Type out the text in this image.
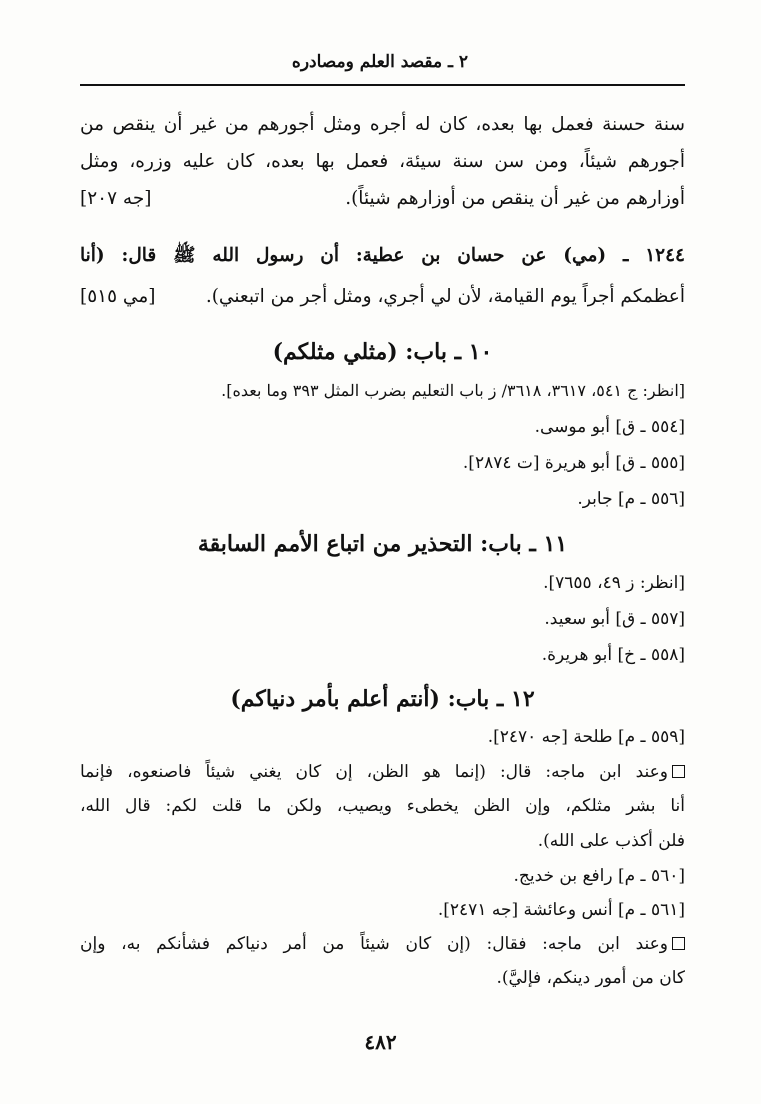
٢ ـ مقصد العلم ومصادره
سنة حسنة فعمل بها بعده، كان له أجره ومثل أجورهم من غير أن ينقص من
أجورهم شيئاً، ومن سن سنة سيئة، فعمل بها بعده، كان عليه وزره، ومثل
أوزارهم من غير أن ينقص من أوزارهم شيئاً).
[جه ٢٠٧]
١٢٤٤ ـ (مي) عن حسان بن عطية: أن رسول الله ﷺ قال: (أنا
أعظمكم أجراً يوم القيامة، لأن لي أجري، ومثل أجر من اتبعني).
[مي ٥١٥]
١٠ ـ باب: (مثلي مثلكم)
[انظر: ج ٥٤١، ٣٦١٧، ٣٦١٨/ ز باب التعليم بضرب المثل ٣٩٣ وما بعده].
[٥٥٤ ـ ق] أبو موسى.
[٥٥٥ ـ ق] أبو هريرة [ت ٢٨٧٤].
[٥٥٦ ـ م] جابر.
١١ ـ باب: التحذير من اتباع الأمم السابقة
[انظر: ز ٤٩، ٧٦٥٥].
[٥٥٧ ـ ق] أبو سعيد.
[٥٥٨ ـ خ] أبو هريرة.
١٢ ـ باب: (أنتم أعلم بأمر دنياكم)
[٥٥٩ ـ م] طلحة [جه ٢٤٧٠].
وعند ابن ماجه: قال: (إنما هو الظن، إن كان يغني شيئاً فاصنعوه، فإنما
أنا بشر مثلكم، وإن الظن يخطىء ويصيب، ولكن ما قلت لكم: قال الله،
فلن أكذب على الله).
[٥٦٠ ـ م] رافع بن خديج.
[٥٦١ ـ م] أنس وعائشة [جه ٢٤٧١].
وعند ابن ماجه: فقال: (إن كان شيئاً من أمر دنياكم فشأنكم به، وإن
كان من أمور دينكم، فإليَّ).
٤٨٢
